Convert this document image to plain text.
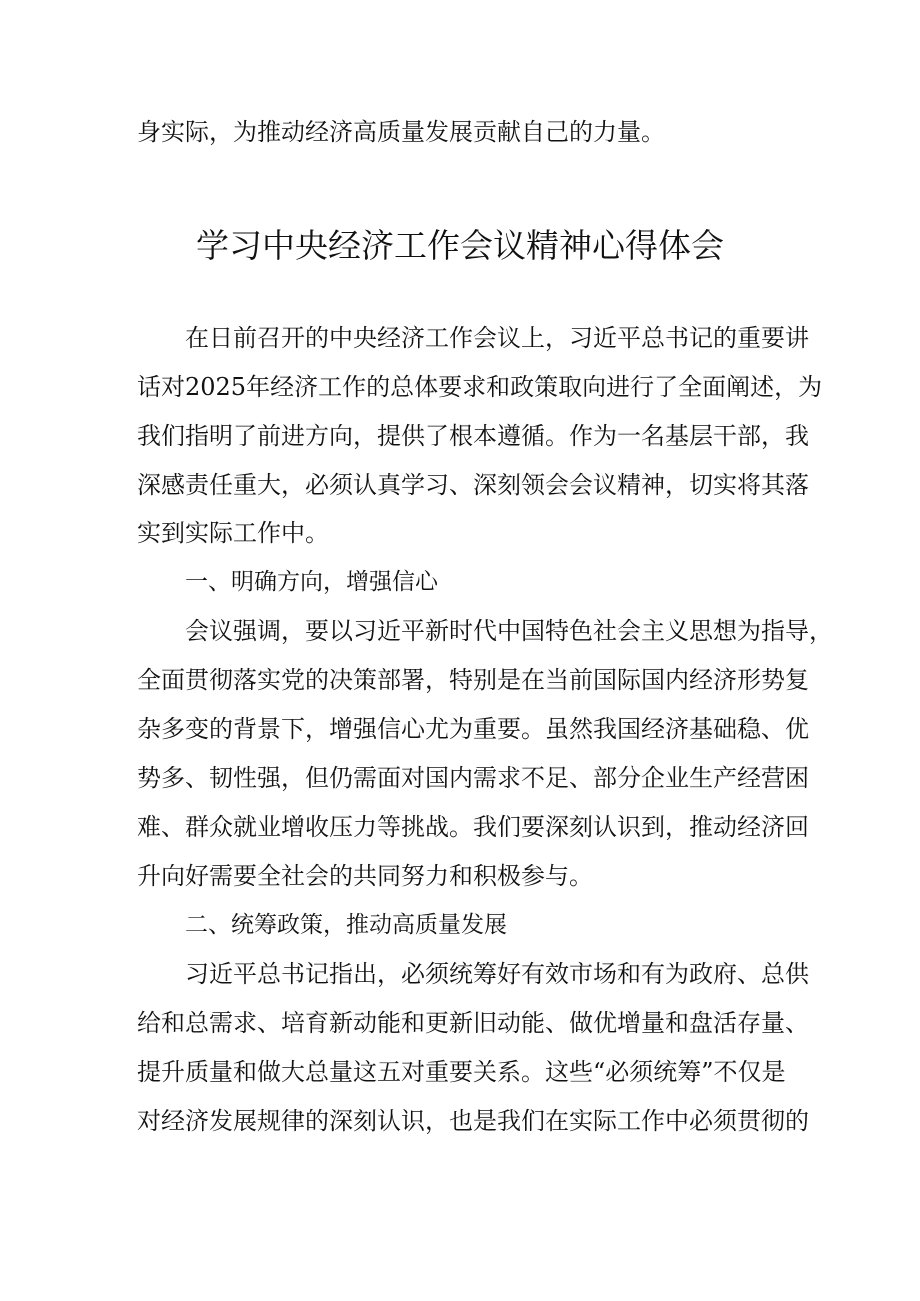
身实际，为推动经济高质量发展贡献自己的力量。

学习中央经济工作会议精神心得体会

在日前召开的中央经济工作会议上，习近平总书记的重要讲

话对2025年经济工作的总体要求和政策取向进行了全面阐述，为

我们指明了前进方向，提供了根本遵循。作为一名基层干部，我

深感责任重大，必须认真学习、深刻领会会议精神，切实将其落

实到实际工作中。

一、明确方向，增强信心

会议强调，要以习近平新时代中国特色社会主义思想为指导，

全面贯彻落实党的决策部署，特别是在当前国际国内经济形势复

杂多变的背景下，增强信心尤为重要。虽然我国经济基础稳、优

势多、韧性强，但仍需面对国内需求不足、部分企业生产经营困

难、群众就业增收压力等挑战。我们要深刻认识到，推动经济回

升向好需要全社会的共同努力和积极参与。

二、统筹政策，推动高质量发展

习近平总书记指出，必须统筹好有效市场和有为政府、总供

给和总需求、培育新动能和更新旧动能、做优增量和盘活存量、

提升质量和做大总量这五对重要关系。这些“必须统筹”不仅是

对经济发展规律的深刻认识，也是我们在实际工作中必须贯彻的
